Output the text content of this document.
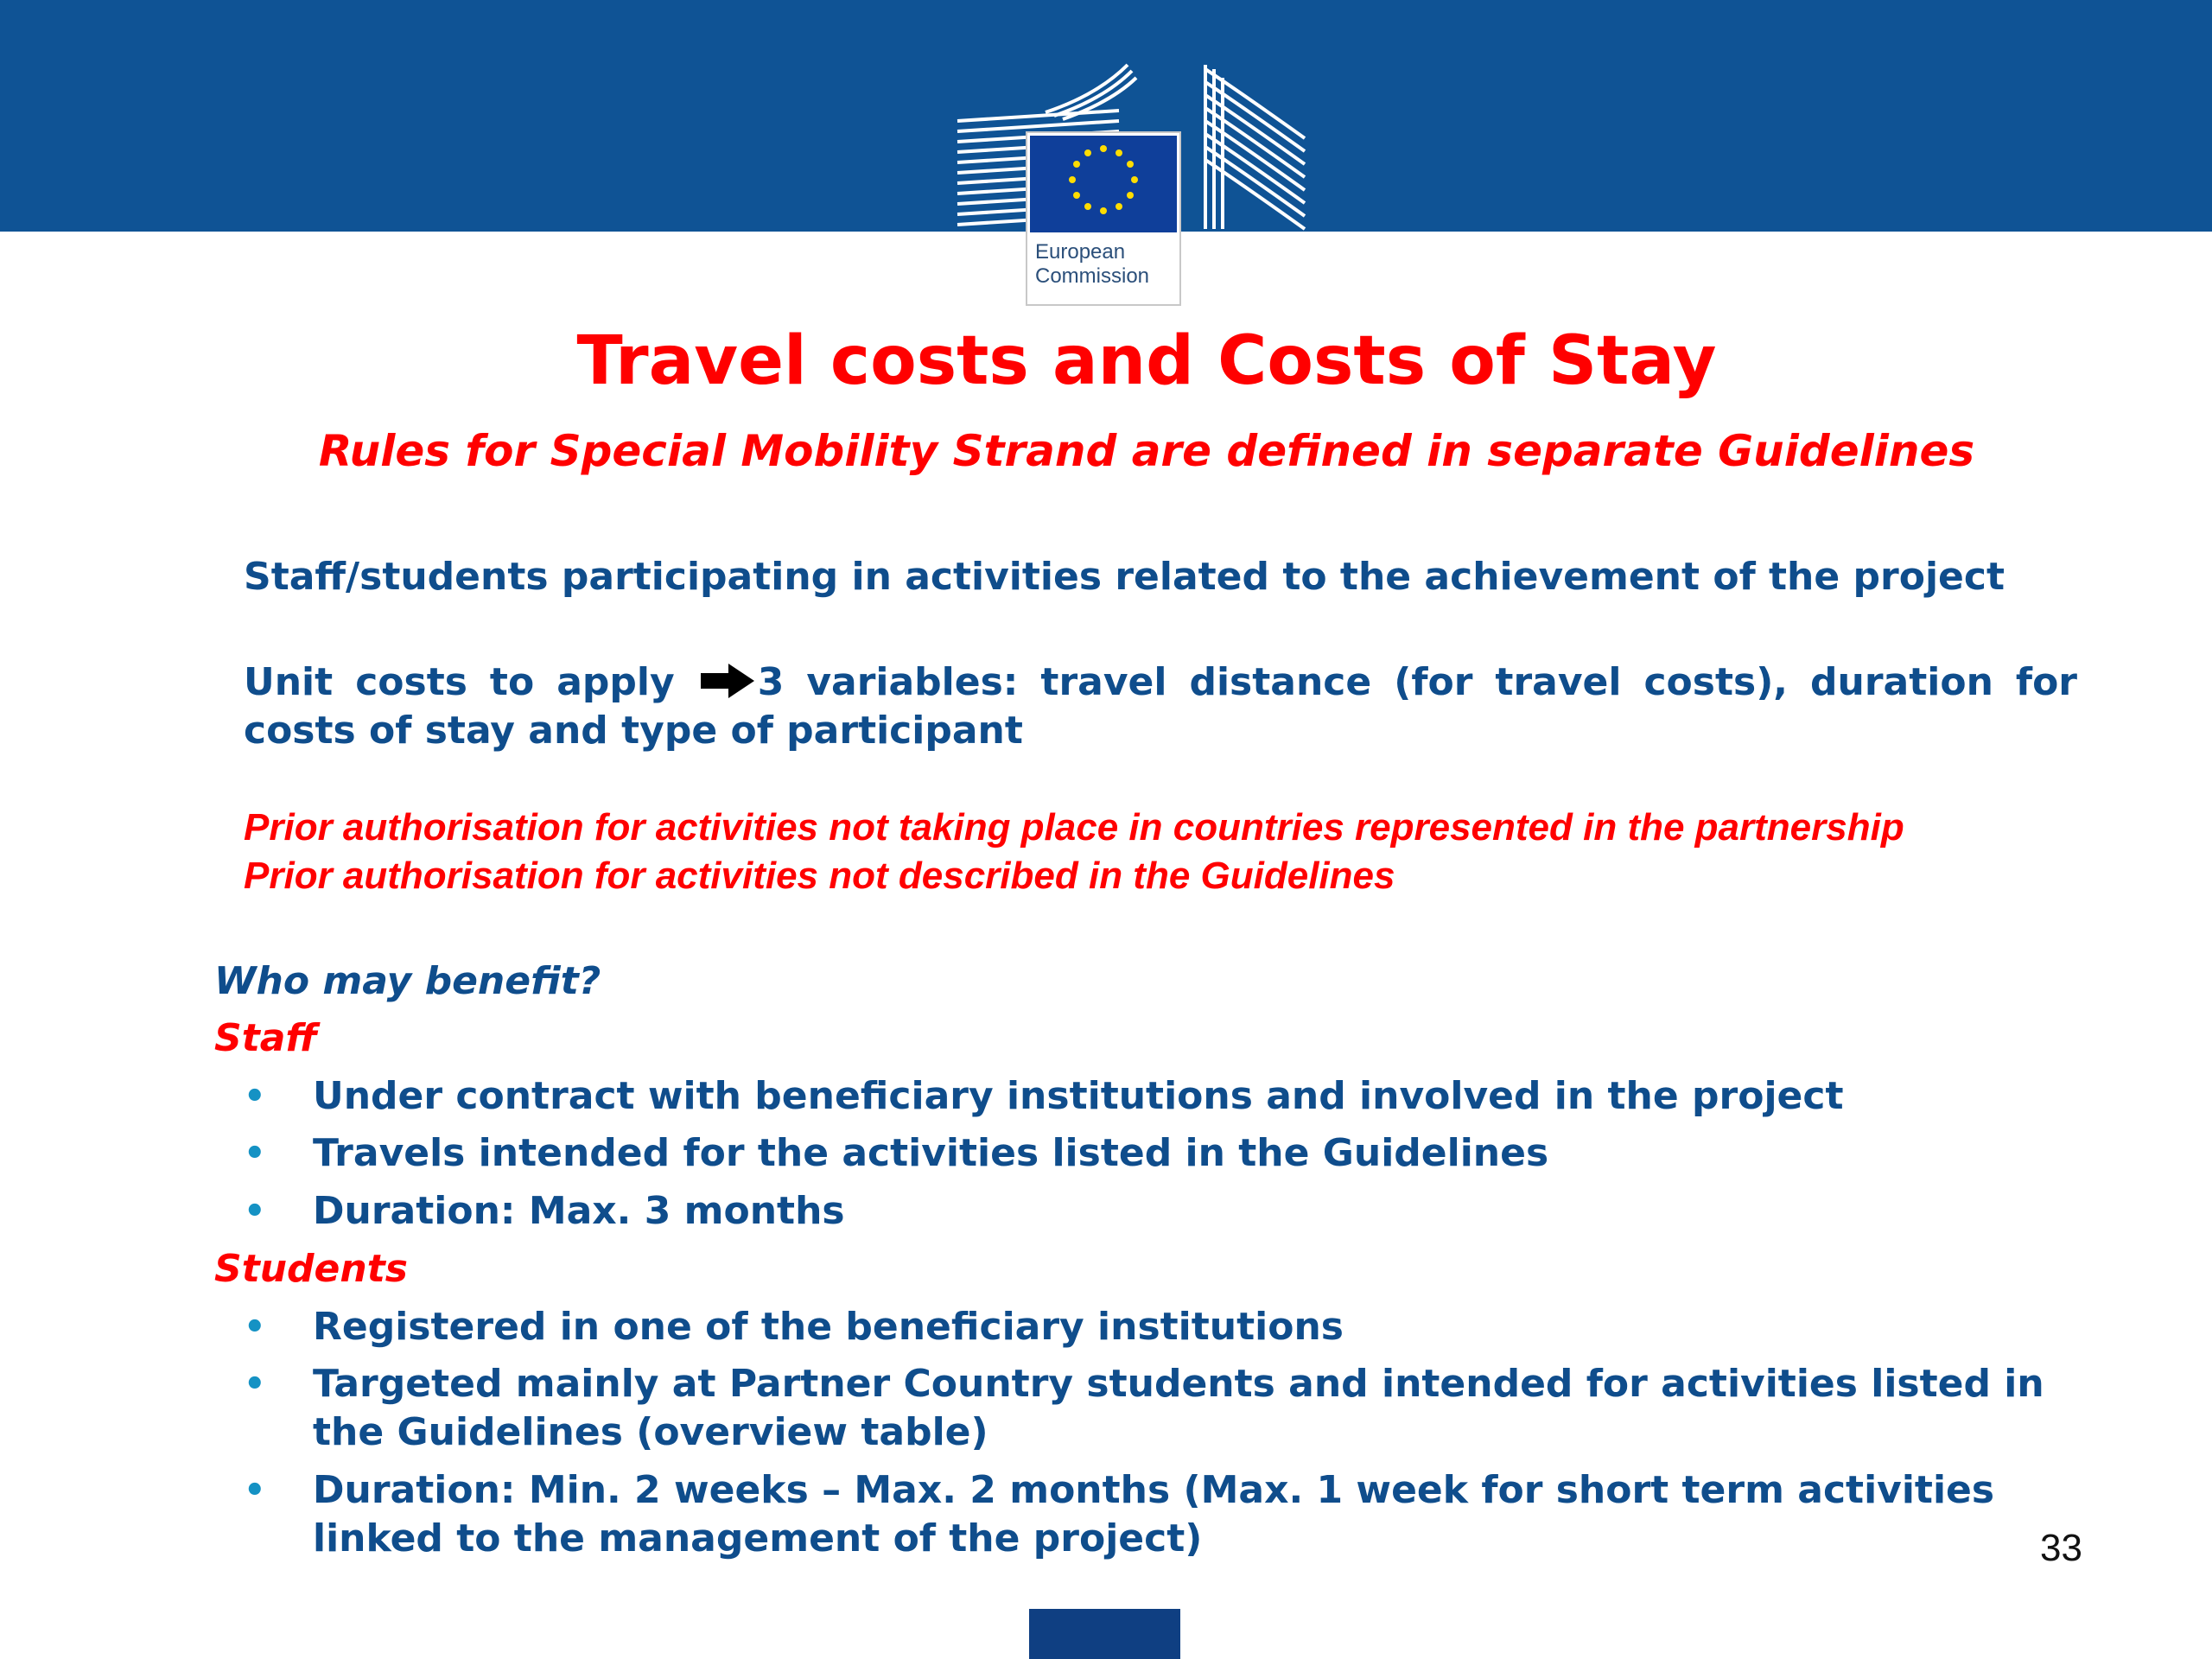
European
Commission
Travel costs and Costs of Stay
Rules for Special Mobility Strand are defined in separate Guidelines
Staff/students participating in activities related to the achievement of the project
Unit costs to apply 3 variables: travel distance (for travel costs), duration for costs of stay and type of participant
Prior authorisation for activities not taking place in countries represented in the partnership
Prior authorisation for activities not described in the Guidelines
Who may benefit?
Staff
• Under contract with beneficiary institutions and involved in the project
• Travels intended for the activities listed in the Guidelines
• Duration: Max. 3 months
Students
• Registered in one of the beneficiary institutions
• Targeted mainly at Partner Country students and intended for activities listed in the Guidelines (overview table)
• Duration: Min. 2 weeks – Max. 2 months (Max. 1 week for short term activities linked to the management of the project)	33
